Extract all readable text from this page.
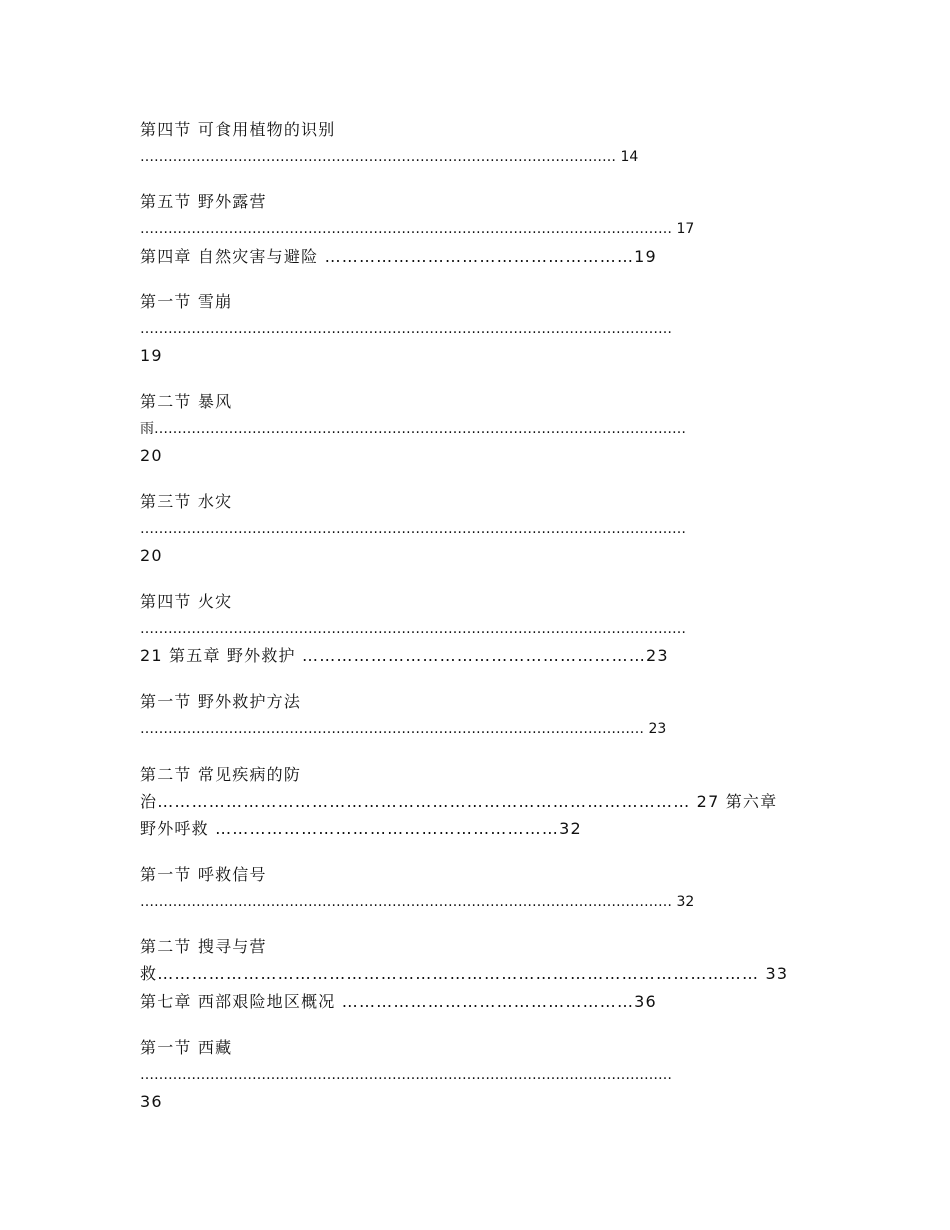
第四节 可食用植物的识别
………………………………………………………………………………………… 14
第五节 野外露营
…………………………………………………………………………………………………… 17
第四章 自然灾害与避险 ………………………………………………19
第一节 雪崩
……………………………………………………………………………………………………
19
第二节 暴风
雨……………………………………………………………………………………………………
20
第三节 水灾
………………………………………………………………………………………………………
20
第四节 火灾
………………………………………………………………………………………………………
21 第五章 野外救护 ……………………………………………………23
第一节 野外救护方法
……………………………………………………………………………………………… 23
第二节 常见疾病的防
治………………………………………………………………………………… 27 第六章
野外呼救 ……………………………………………………32
第一节 呼救信号
…………………………………………………………………………………………………… 32
第二节 搜寻与营
救…………………………………………………………………………………………… 33
第七章 西部艰险地区概况 ……………………………………………36
第一节 西藏
……………………………………………………………………………………………………
36
